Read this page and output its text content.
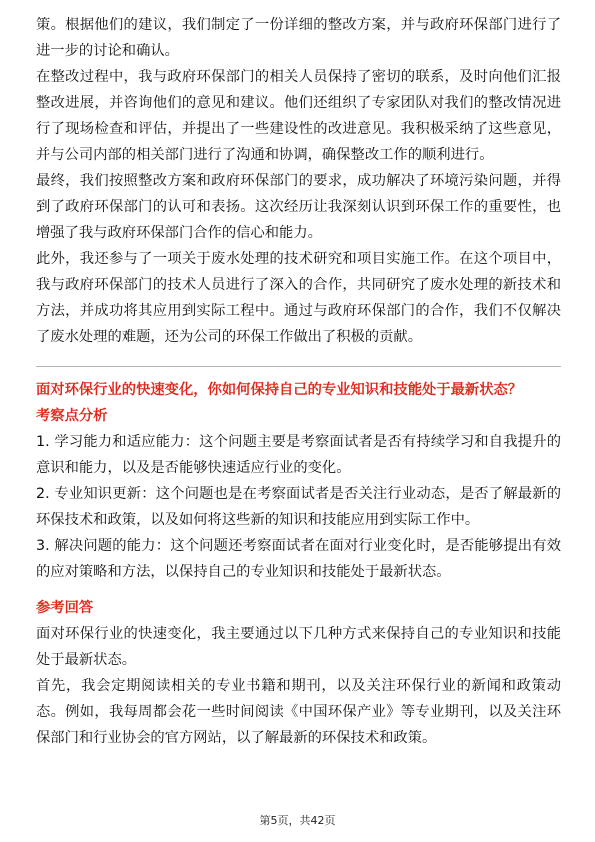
策。根据他们的建议，我们制定了一份详细的整改方案，并与政府环保部门进行了进一步的讨论和确认。

在整改过程中，我与政府环保部门的相关人员保持了密切的联系，及时向他们汇报整改进展，并咨询他们的意见和建议。他们还组织了专家团队对我们的整改情况进行了现场检查和评估，并提出了一些建设性的改进意见。我积极采纳了这些意见，并与公司内部的相关部门进行了沟通和协调，确保整改工作的顺利进行。

最终，我们按照整改方案和政府环保部门的要求，成功解决了环境污染问题，并得到了政府环保部门的认可和表扬。这次经历让我深刻认识到环保工作的重要性，也增强了我与政府环保部门合作的信心和能力。

此外，我还参与了一项关于废水处理的技术研究和项目实施工作。在这个项目中，我与政府环保部门的技术人员进行了深入的合作，共同研究了废水处理的新技术和方法，并成功将其应用到实际工程中。通过与政府环保部门的合作，我们不仅解决了废水处理的难题，还为公司的环保工作做出了积极的贡献。

面对环保行业的快速变化，你如何保持自己的专业知识和技能处于最新状态？

考察点分析

1. 学习能力和适应能力：这个问题主要是考察面试者是否有持续学习和自我提升的意识和能力，以及是否能够快速适应行业的变化。

2. 专业知识更新：这个问题也是在考察面试者是否关注行业动态，是否了解最新的环保技术和政策，以及如何将这些新的知识和技能应用到实际工作中。

3. 解决问题的能力：这个问题还考察面试者在面对行业变化时，是否能够提出有效的应对策略和方法，以保持自己的专业知识和技能处于最新状态。

参考回答

面对环保行业的快速变化，我主要通过以下几种方式来保持自己的专业知识和技能处于最新状态。

首先，我会定期阅读相关的专业书籍和期刊，以及关注环保行业的新闻和政策动态。例如，我每周都会花一些时间阅读《中国环保产业》等专业期刊，以及关注环保部门和行业协会的官方网站，以了解最新的环保技术和政策。

第5页，共42页
